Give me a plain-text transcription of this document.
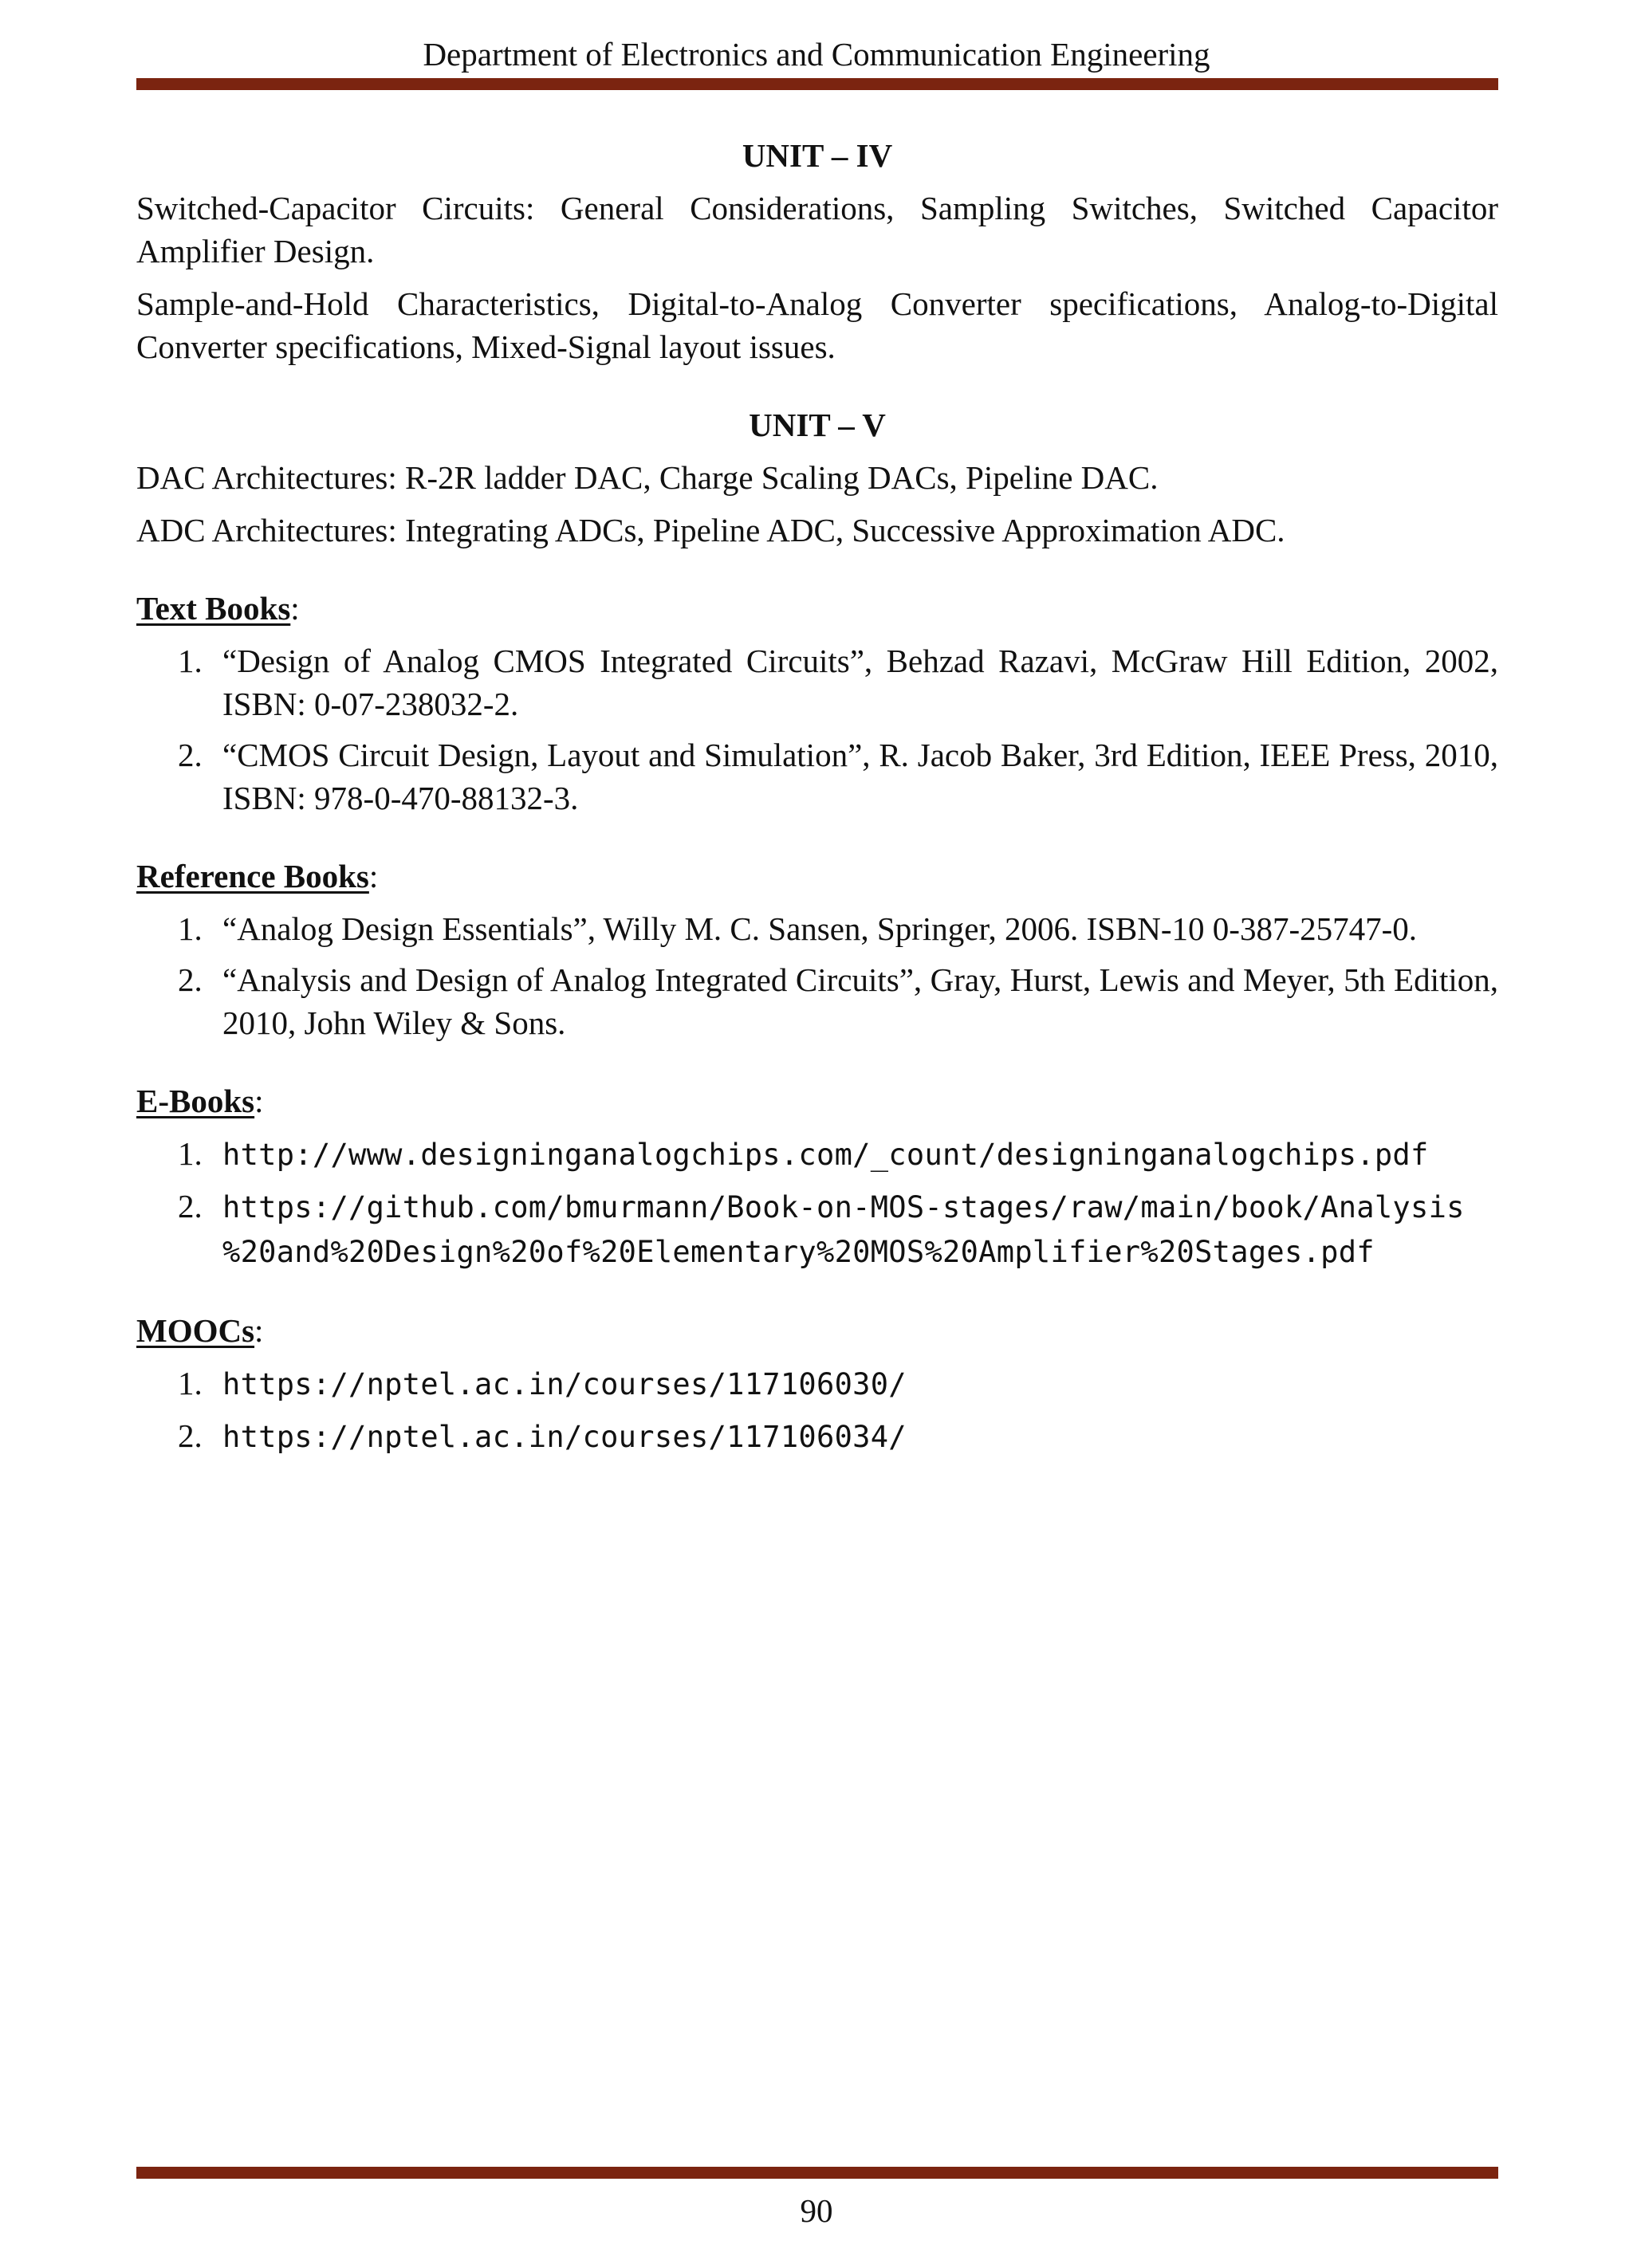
Department of Electronics and Communication Engineering
UNIT – IV

Switched-Capacitor Circuits: General Considerations, Sampling Switches, Switched Capacitor Amplifier Design.

Sample-and-Hold Characteristics, Digital-to-Analog Converter specifications, Analog-to-Digital Converter specifications, Mixed-Signal layout issues.

UNIT – V

DAC Architectures: R-2R ladder DAC, Charge Scaling DACs, Pipeline DAC.

ADC Architectures: Integrating ADCs, Pipeline ADC, Successive Approximation ADC.

Text Books:

1. “Design of Analog CMOS Integrated Circuits”, Behzad Razavi, McGraw Hill Edition, 2002, ISBN: 0-07-238032-2.
2. “CMOS Circuit Design, Layout and Simulation”, R. Jacob Baker, 3rd Edition, IEEE Press, 2010, ISBN: 978-0-470-88132-3.

Reference Books:

1. “Analog Design Essentials”, Willy M. C. Sansen, Springer, 2006. ISBN-10 0-387-25747-0.
2. “Analysis and Design of Analog Integrated Circuits”, Gray, Hurst, Lewis and Meyer, 5th Edition, 2010, John Wiley & Sons.

E-Books:

1. http://www.designinganalogchips.com/_count/designinganalogchips.pdf
2. https://github.com/bmurmann/Book-on-MOS-stages/raw/main/book/Analysis
%20and%20Design%20of%20Elementary%20MOS%20Amplifier%20Stages.pdf

MOOCs:

1. https://nptel.ac.in/courses/117106030/
2. https://nptel.ac.in/courses/117106034/
90
